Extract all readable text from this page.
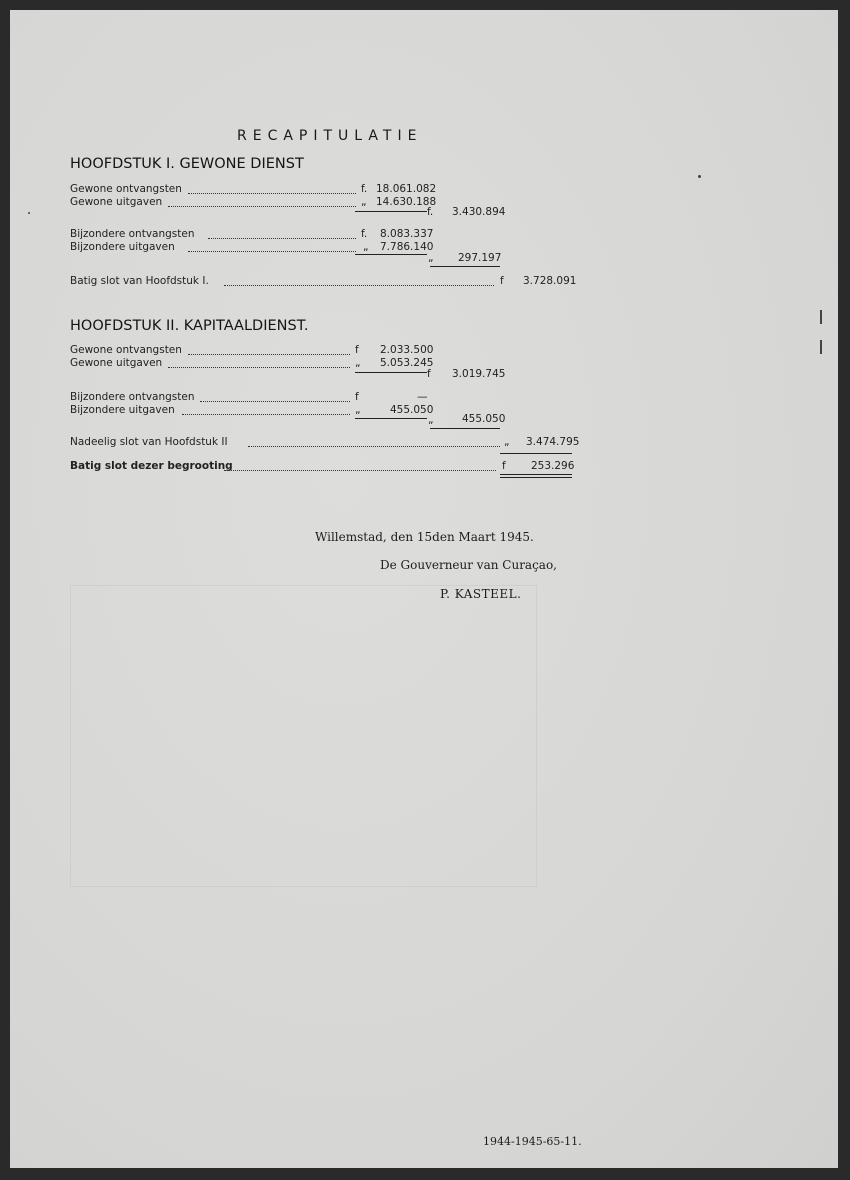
RECAPITULATIE
HOOFDSTUK I. GEWONE DIENST
Gewone ontvangsten	f. 18.061.082
Gewone uitgaven	„ 14.630.188
f. 3.430.894
Bijzondere ontvangsten	f. 8.083.337
Bijzondere uitgaven	„ 7.786.140
„ 297.197
Batig slot van Hoofdstuk I.	f 3.728.091
HOOFDSTUK II. KAPITAALDIENST.
Gewone ontvangsten	f 2.033.500
Gewone uitgaven	„ 5.053.245
f 3.019.745
Bijzondere ontvangsten	f	—
Bijzondere uitgaven	„	455.050
„	455.050
Nadeelig slot van Hoofdstuk II	„ 3.474.795
Batig slot dezer begrooting	f 253.296
Willemstad, den 15den Maart 1945.
De Gouverneur van Curaçao,
P. KASTEEL.
1944-1945-65-11.
